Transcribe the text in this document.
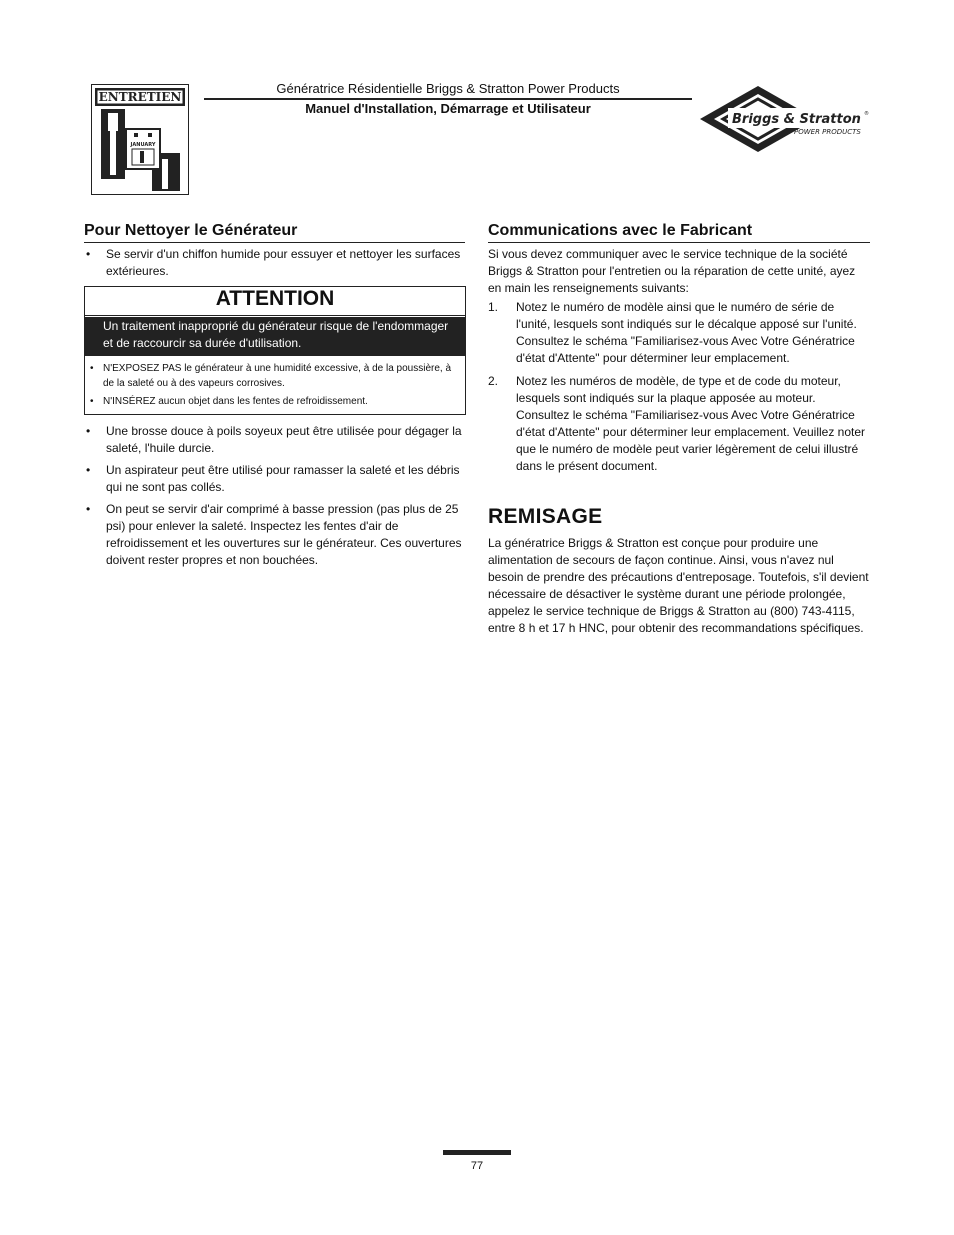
ENTRETIEN
JANUARY
Génératrice Résidentielle Briggs & Stratton Power Products
Manuel d'Installation, Démarrage et Utilisateur
Briggs & Stratton ®
POWER PRODUCTS
Pour Nettoyer le Générateur
• Se servir d'un chiffon humide pour essuyer et nettoyer les surfaces extérieures.
ATTENTION
Un traitement inapproprié du générateur risque de l'endommager et de raccourcir sa durée d'utilisation.
• N'EXPOSEZ PAS le générateur à une humidité excessive, à de la poussière, à de la saleté ou à des vapeurs corrosives.
• N'INSÉREZ aucun objet dans les fentes de refroidissement.
• Une brosse douce à poils soyeux peut être utilisée pour dégager la saleté, l'huile durcie.
• Un aspirateur peut être utilisé pour ramasser la saleté et les débris qui ne sont pas collés.
• On peut se servir d'air comprimé à basse pression (pas plus de 25 psi) pour enlever la saleté. Inspectez les fentes d'air de refroidissement et les ouvertures sur le générateur. Ces ouvertures doivent rester propres et non bouchées.
Communications avec le Fabricant
Si vous devez communiquer avec le service technique de la société Briggs & Stratton pour l'entretien ou la réparation de cette unité, ayez en main les renseignements suivants:
1. Notez le numéro de modèle ainsi que le numéro de série de l'unité, lesquels sont indiqués sur le décalque apposé sur l'unité. Consultez le schéma "Familiarisez-vous Avec Votre Génératrice d'état d'Attente" pour déterminer leur emplacement.
2. Notez les numéros de modèle, de type et de code du moteur, lesquels sont indiqués sur la plaque apposée au moteur. Consultez le schéma "Familiarisez-vous Avec Votre Génératrice d'état d'Attente" pour déterminer leur emplacement. Veuillez noter que le numéro de modèle peut varier légèrement de celui illustré dans le présent document.
REMISAGE
La génératrice Briggs & Stratton est conçue pour produire une alimentation de secours de façon continue. Ainsi, vous n'avez nul besoin de prendre des précautions d'entreposage. Toutefois, s'il devient nécessaire de désactiver le système durant une période prolongée, appelez le service technique de Briggs & Stratton au (800) 743-4115, entre 8 h et 17 h HNC, pour obtenir des recommandations spécifiques.
77
